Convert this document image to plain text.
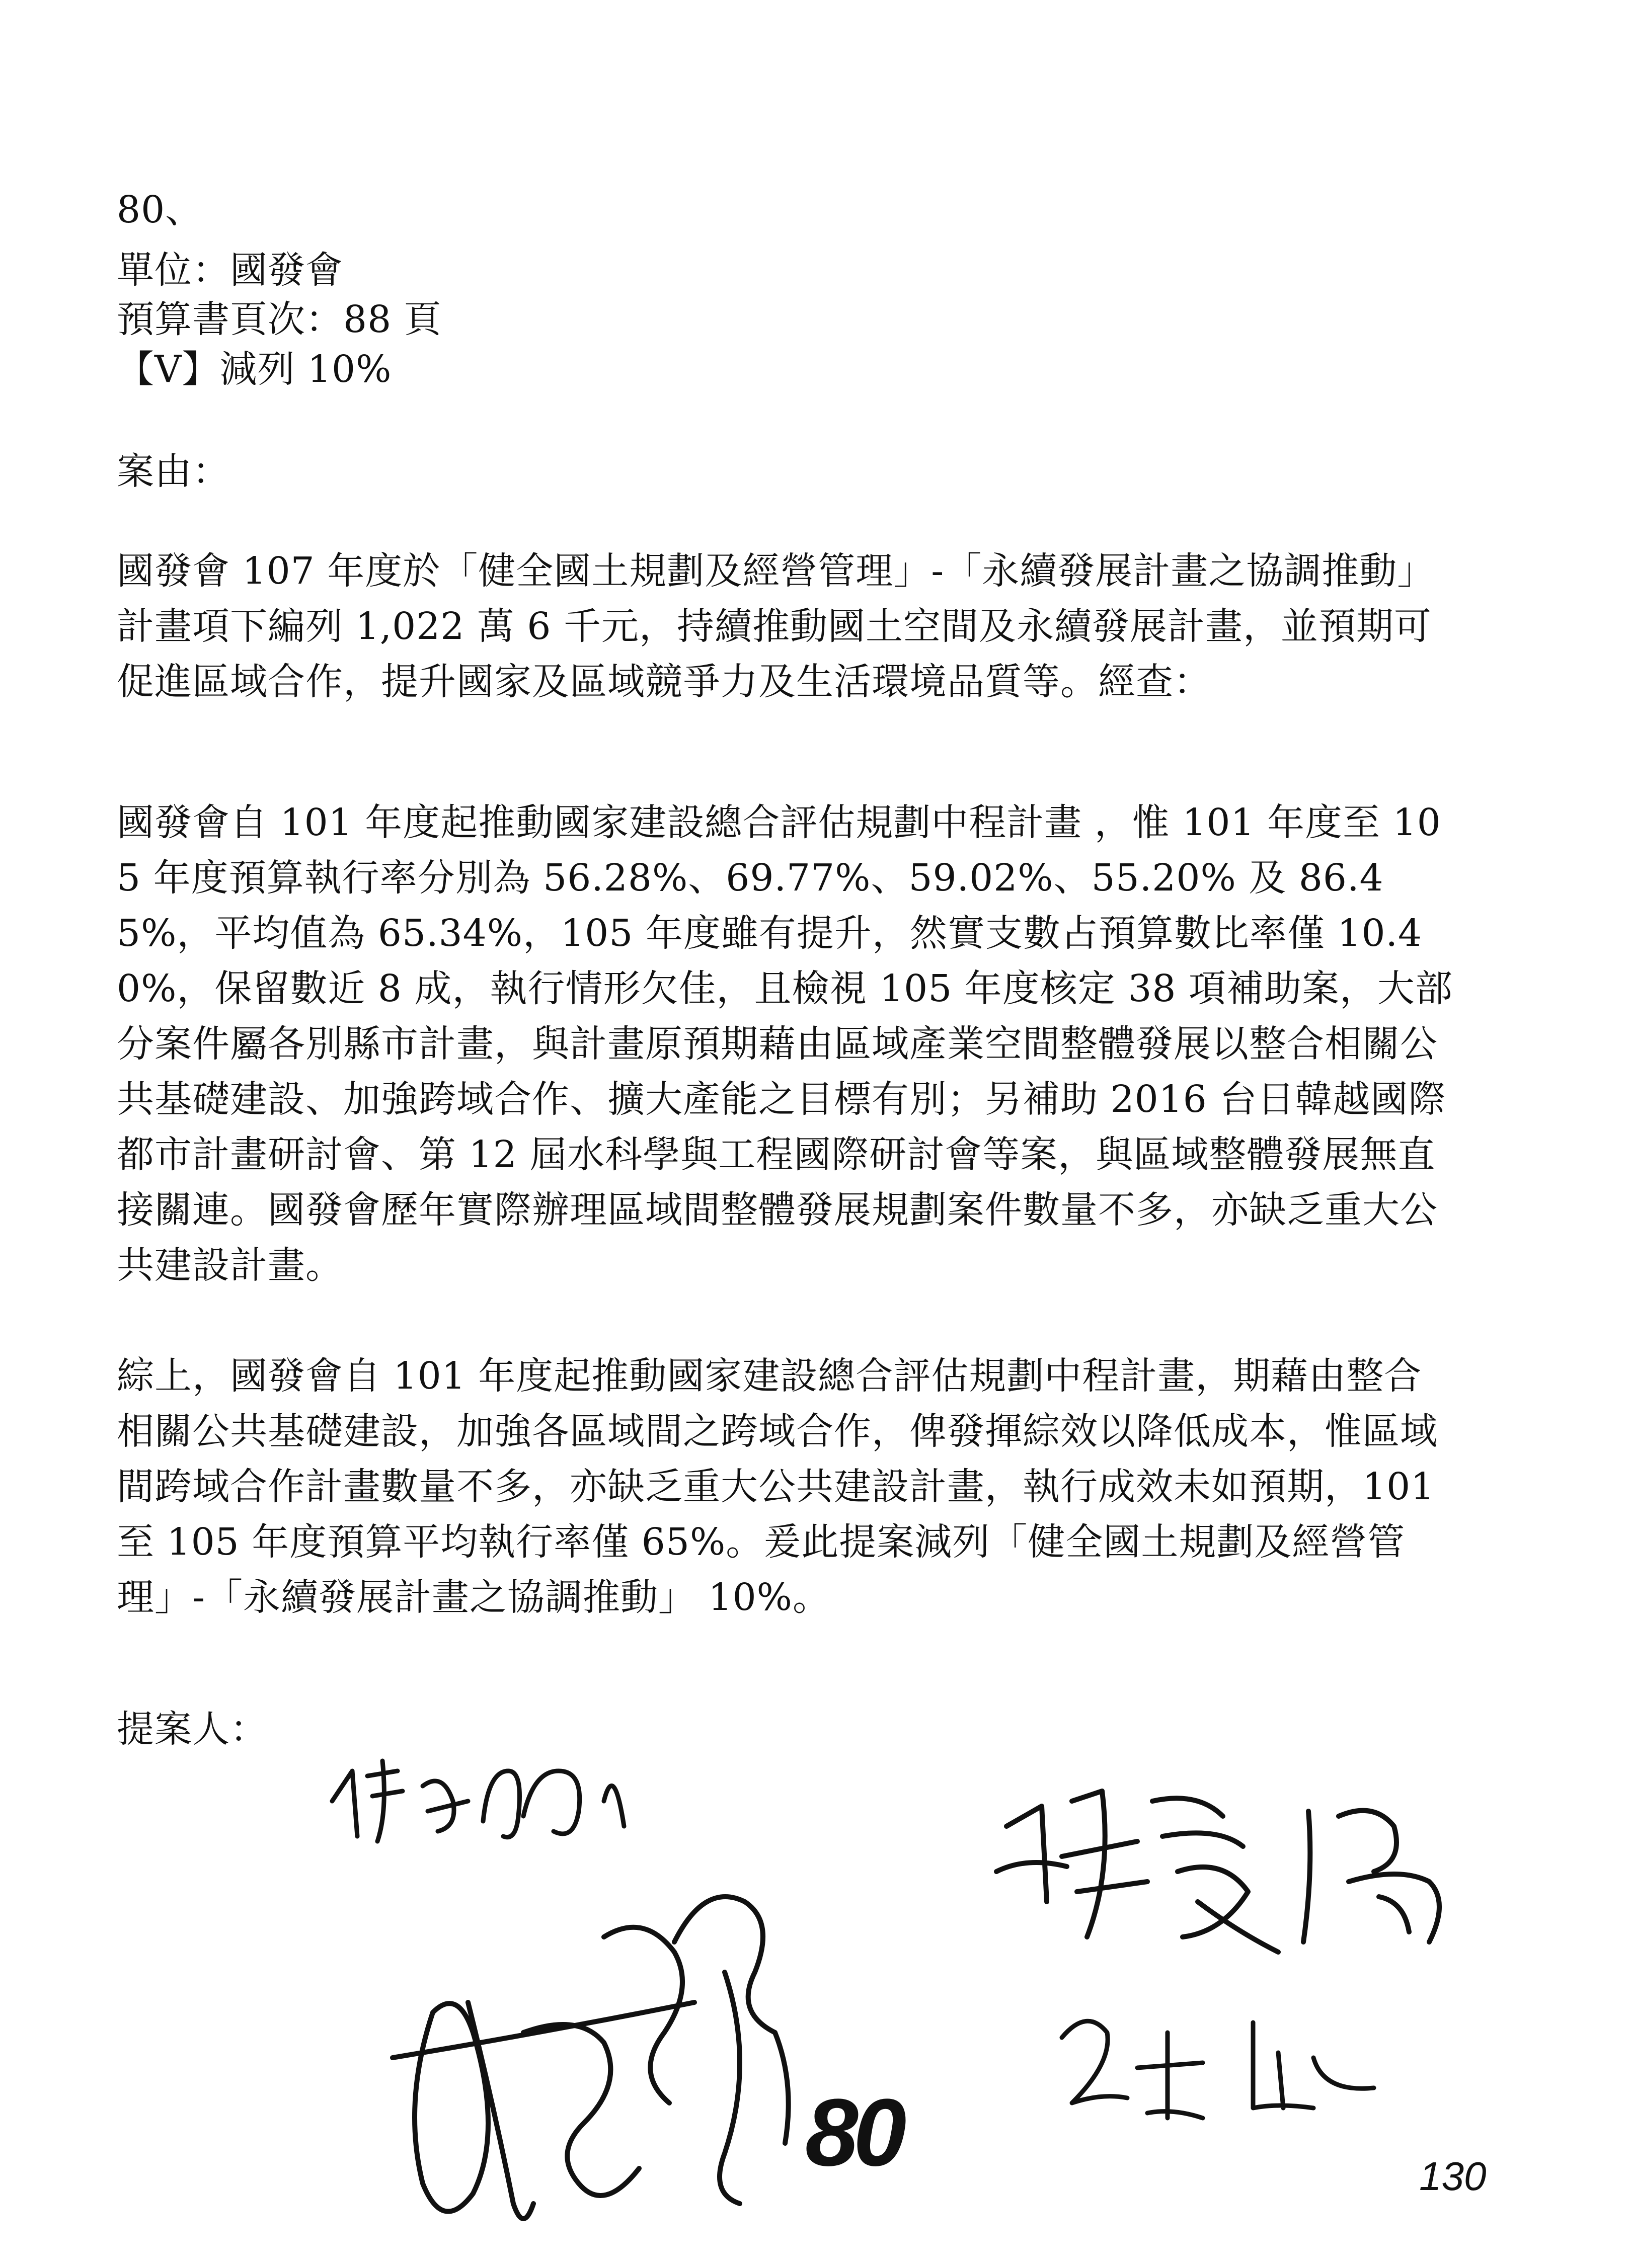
80、
單位：國發會
預算書頁次：88 頁
【V】減列 10%
案由：
國發會 107 年度於「健全國土規劃及經營管理」-「永續發展計畫之協調推動」計畫項下編列 1,022 萬 6 千元，持續推動國土空間及永續發展計畫，並預期可促進區域合作，提升國家及區域競爭力及生活環境品質等。經查：
國發會自 101 年度起推動國家建設總合評估規劃中程計畫 ，惟 101 年度至 105 年度預算執行率分別為 56.28%、69.77%、59.02%、55.20% 及 86.45%，平均值為 65.34%，105 年度雖有提升，然實支數占預算數比率僅 10.40%，保留數近 8 成，執行情形欠佳，且檢視 105 年度核定 38 項補助案，大部分案件屬各別縣市計畫，與計畫原預期藉由區域產業空間整體發展以整合相關公共基礎建設、加強跨域合作、擴大產能之目標有別；另補助 2016 台日韓越國際都市計畫研討會、第 12 屆水科學與工程國際研討會等案，與區域整體發展無直接關連。國發會歷年實際辦理區域間整體發展規劃案件數量不多，亦缺乏重大公共建設計畫。
綜上，國發會自 101 年度起推動國家建設總合評估規劃中程計畫，期藉由整合相關公共基礎建設，加強各區域間之跨域合作，俾發揮綜效以降低成本，惟區域間跨域合作計畫數量不多，亦缺乏重大公共建設計畫，執行成效未如預期，101 至 105 年度預算平均執行率僅 65%。爰此提案減列「健全國土規劃及經營管理」-「永續發展計畫之協調推動」 10%。
提案人：
80	130
